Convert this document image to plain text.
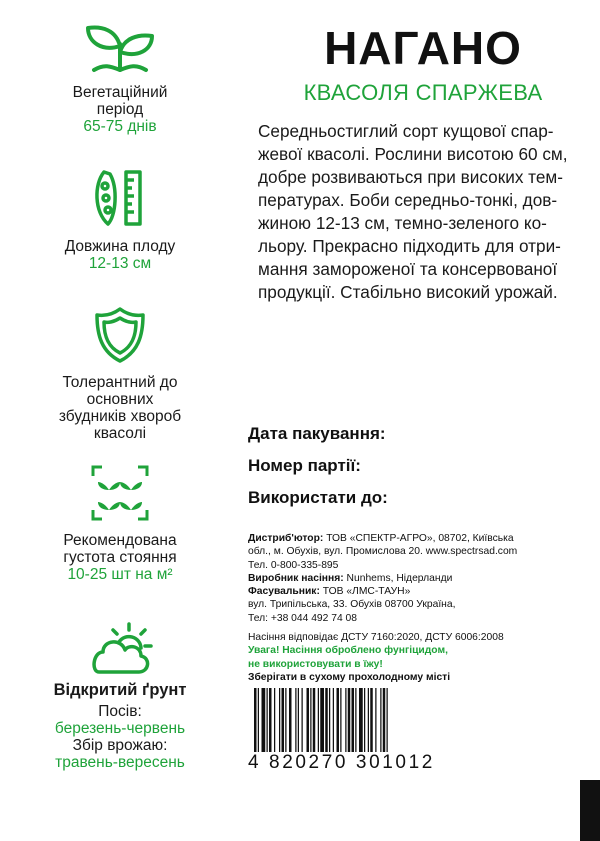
Вегетаційний
період
65-75 днів
Довжина плоду
12-13 см
Толерантний до
основних
збудників хвороб
квасолі
Рекомендована
густота стояння
10-25 шт на м²
Відкритий ґрунт
Посів:
березень-червень
Збір врожаю:
травень-вересень
НАГАНО
КВАСОЛЯ СПАРЖЕВА
Середньостиглий сорт кущової спар-
жевої квасолі. Рослини висотою 60 см,
добре розвиваються при високих тем-
пературах. Боби середньо-тонкі, дов-
жиною 12-13 см, темно-зеленого ко-
льору. Прекрасно підходить для отри-
мання замороженої та консервованої
продукції. Стабільно високий урожай.
Дата пакування:
Номер партії:
Використати до:
Дистриб'ютор: ТОВ «СПЕКТР-АГРО», 08702, Київська
обл., м. Обухів, вул. Промислова 20. www.spectrsad.com
Тел. 0-800-335-895
Виробник насіння: Nunhems, Нідерланди
Фасувальник: ТОВ «ЛМС-ТАУН»
вул. Трипільська, 33. Обухів 08700 Україна,
Тел: +38 044 492 74 08
Насіння відповідає ДСТУ 7160:2020, ДСТУ 6006:2008
Увага! Насіння оброблено фунгіцидом,
не використовувати в їжу!
Зберігати в сухому прохолодному місті
4 820270 301012
